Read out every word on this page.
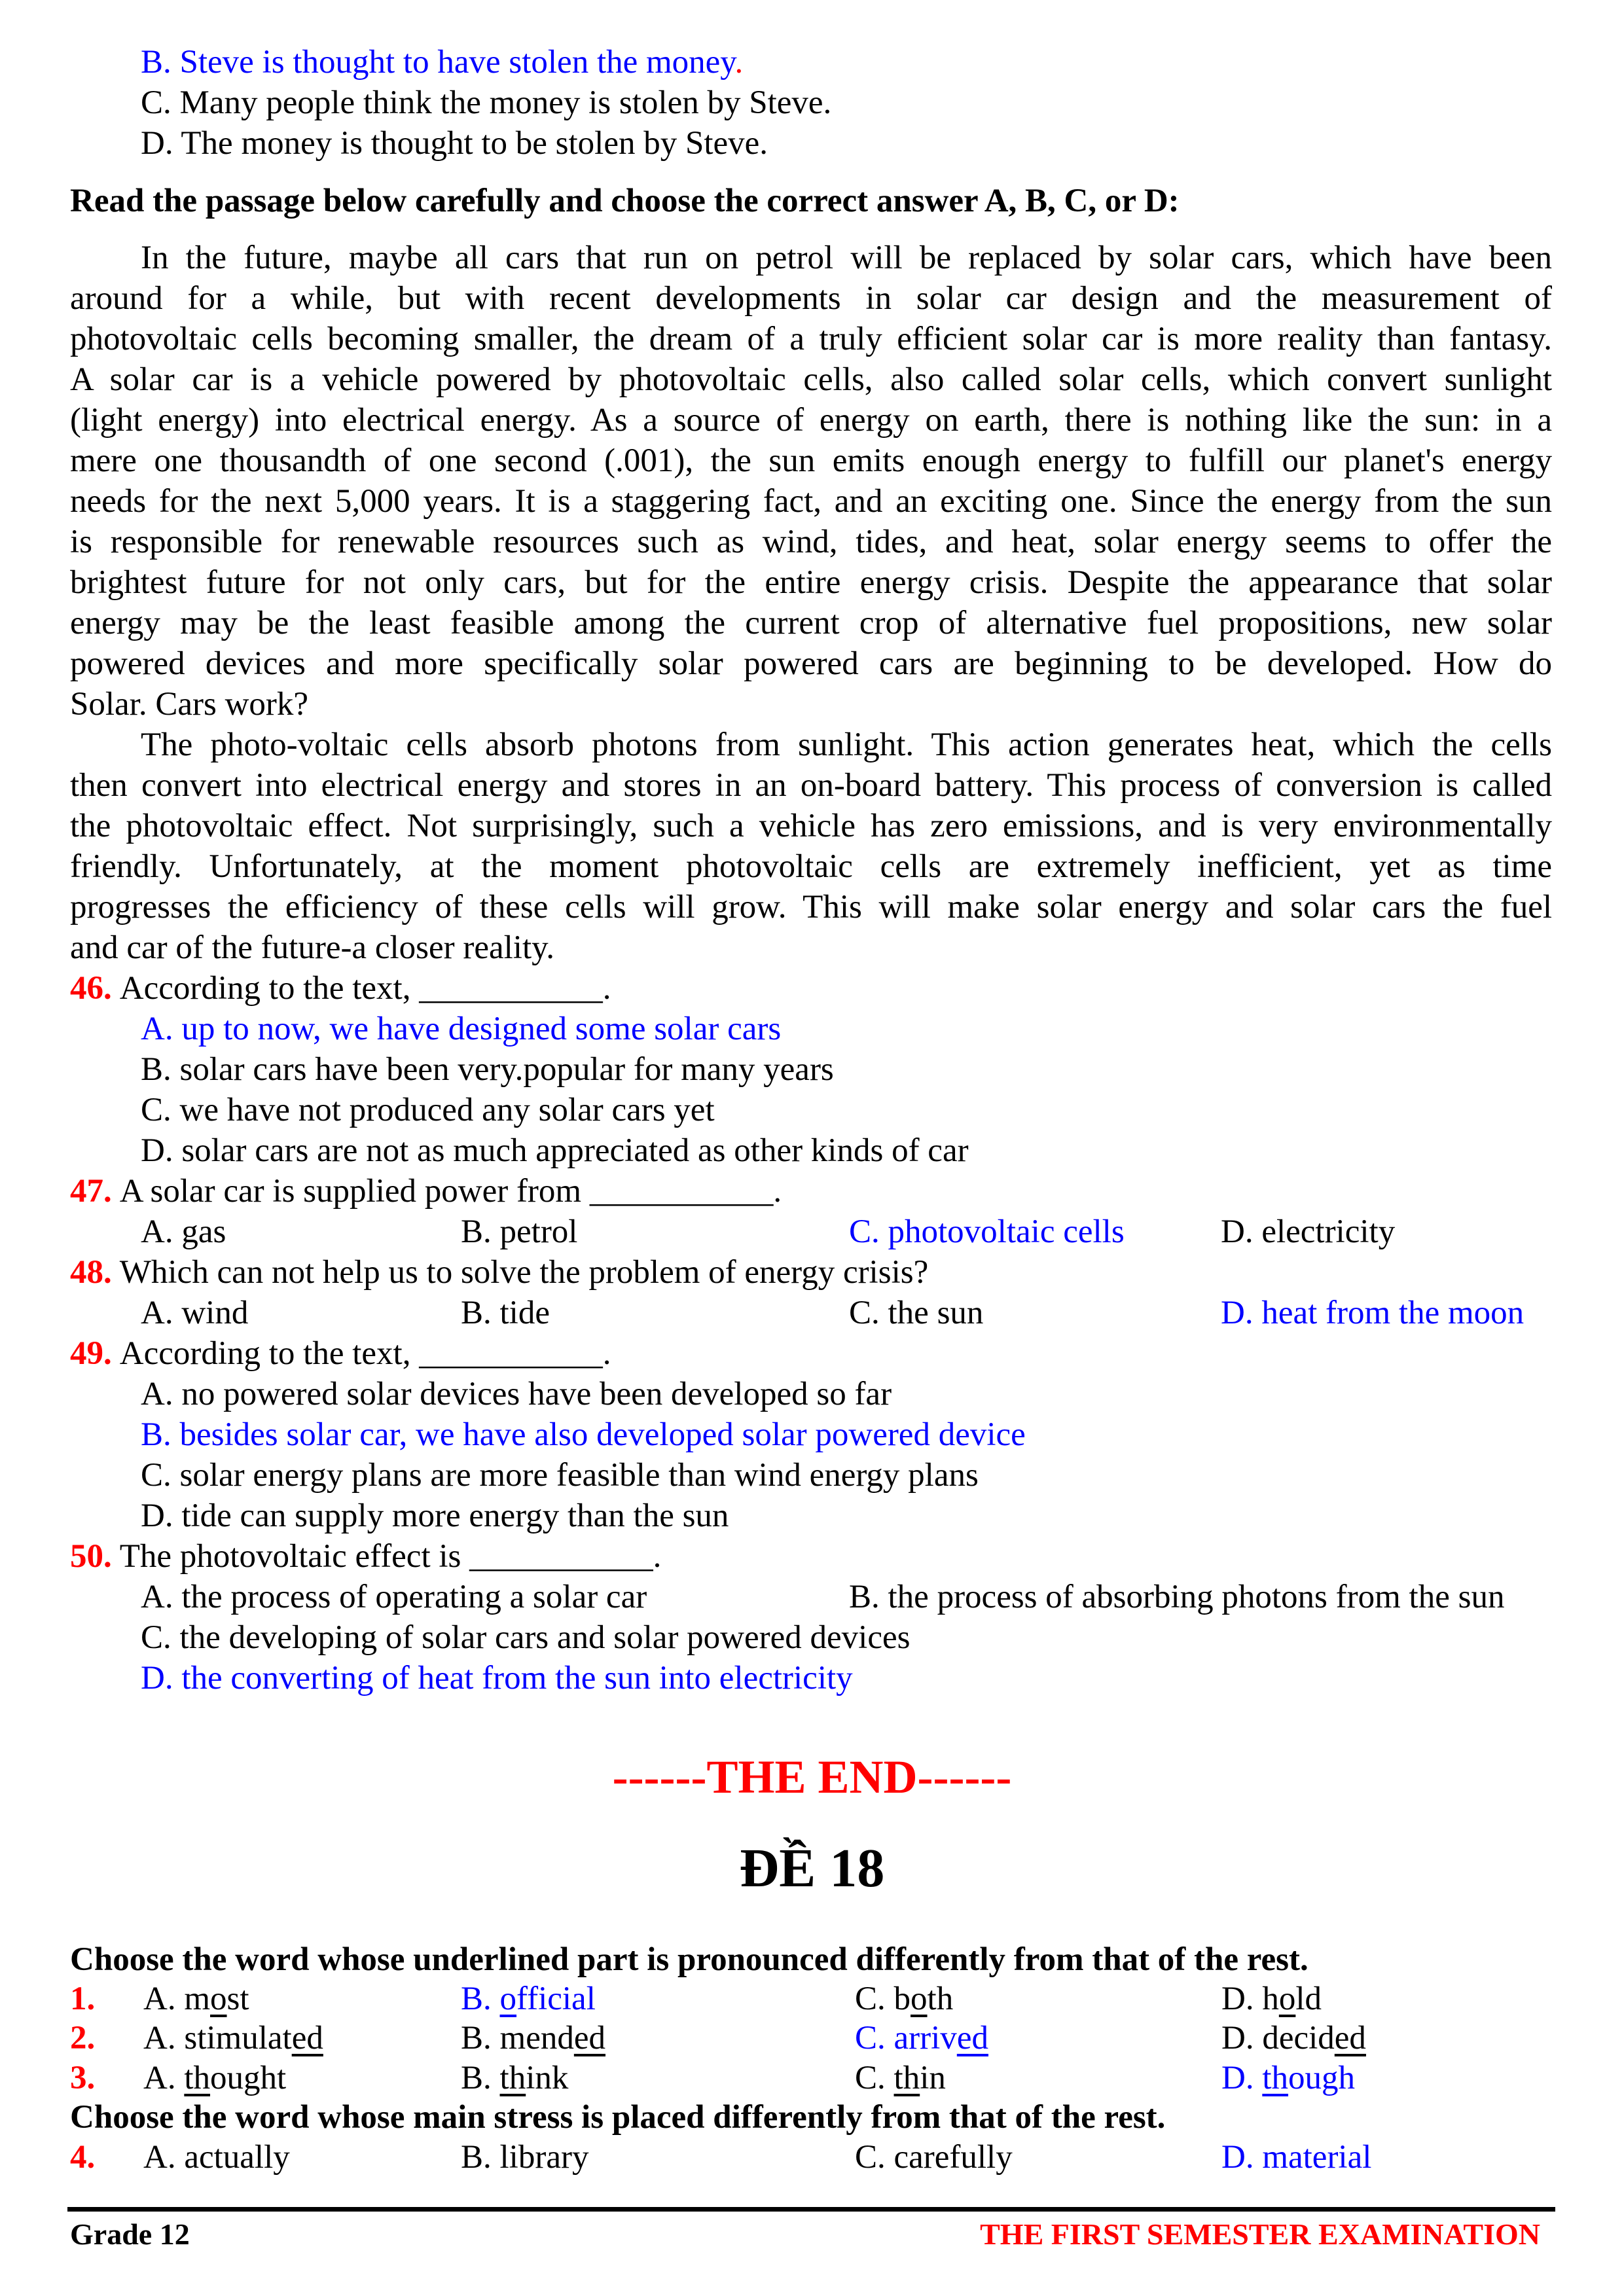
B. Steve is thought to have stolen the money.
C. Many people think the money is stolen by Steve.
D. The money is thought to be stolen by Steve.
Read the passage below carefully and choose the correct answer A, B, C, or D:
In the future, maybe all cars that run on petrol will be replaced by solar cars, which have been
around for a while, but with recent developments in solar car design and the measurement of
photovoltaic cells becoming smaller, the dream of a truly efficient solar car is more reality than fantasy.
A solar car is a vehicle powered by photovoltaic cells, also called solar cells, which convert sunlight
(light energy) into electrical energy. As a source of energy on earth, there is nothing like the sun: in a
mere one thousandth of one second (.001), the sun emits enough energy to fulfill our planet's energy
needs for the next 5,000 years. It is a staggering fact, and an exciting one. Since the energy from the sun
is responsible for renewable resources such as wind, tides, and heat, solar energy seems to offer the
brightest future for not only cars, but for the entire energy crisis. Despite the appearance that solar
energy may be the least feasible among the current crop of alternative fuel propositions, new solar
powered devices and more specifically solar powered cars are beginning to be developed. How do
Solar. Cars work?
The photo-voltaic cells absorb photons from sunlight. This action generates heat, which the cells
then convert into electrical energy and stores in an on-board battery. This process of conversion is called
the photovoltaic effect. Not surprisingly, such a vehicle has zero emissions, and is very environmentally
friendly. Unfortunately, at the moment photovoltaic cells are extremely inefficient, yet as time
progresses the efficiency of these cells will grow. This will make solar energy and solar cars the fuel
and car of the future-a closer reality.
46. According to the text, ___________.
A. up to now, we have designed some solar cars
B. solar cars have been very.popular for many years
C. we have not produced any solar cars yet
D. solar cars are not as much appreciated as other kinds of car
47. A solar car is supplied power from ___________.
A. gas	B. petrol	C. photovoltaic cells	D. electricity
48. Which can not help us to solve the problem of energy crisis?
A. wind	B. tide	C. the sun	D. heat from the moon
49. According to the text, ___________.
A. no powered solar devices have been developed so far
B. besides solar car, we have also developed solar powered device
C. solar energy plans are more feasible than wind energy plans
D. tide can supply more energy than the sun
50. The photovoltaic effect is ___________.
A. the process of operating a solar car	B. the process of absorbing photons from the sun
C. the developing of solar cars and solar powered devices
D. the converting of heat from the sun into electricity
------THE END------
ĐỀ 18
Choose the word whose underlined part is pronounced differently from that of the rest.
1. A. most	B. official	C. both	D. hold
2. A. stimulated	B. mended	C. arrived	D. decided
3. A. thought	B. think	C. thin	D. though
Choose the word whose main stress is placed differently from that of the rest.
4. A. actually	B. library	C. carefully	D. material
Grade 12	THE FIRST SEMESTER EXAMINATION
